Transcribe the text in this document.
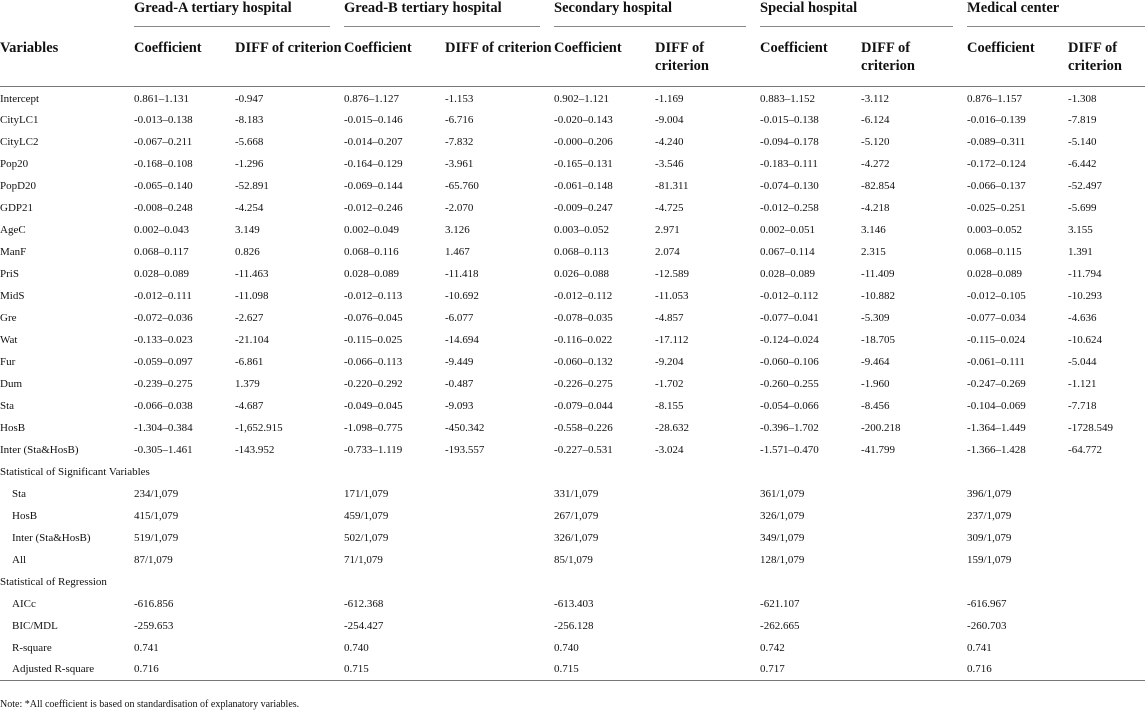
	Gread-A tertiary hospital		Gread-B tertiary hospital		Secondary hospital		Special hospital		Medical center	

Variables	Coefficient	DIFF of criterion	Coefficient	DIFF of criterion	Coefficient	DIFF of criterion	Coefficient	DIFF of criterion	Coefficient	DIFF of criterion
Intercept	0.861–1.131	-0.947	0.876–1.127	-1.153	0.902–1.121	-1.169	0.883–1.152	-3.112	0.876–1.157	-1.308
CityLC1	-0.013–0.138	-8.183	-0.015–0.146	-6.716	-0.020–0.143	-9.004	-0.015–0.138	-6.124	-0.016–0.139	-7.819
CityLC2	-0.067–0.211	-5.668	-0.014–0.207	-7.832	-0.000–0.206	-4.240	-0.094–0.178	-5.120	-0.089–0.311	-5.140
Pop20	-0.168–0.108	-1.296	-0.164–0.129	-3.961	-0.165–0.131	-3.546	-0.183–0.111	-4.272	-0.172–0.124	-6.442
PopD20	-0.065–0.140	-52.891	-0.069–0.144	-65.760	-0.061–0.148	-81.311	-0.074–0.130	-82.854	-0.066–0.137	-52.497
GDP21	-0.008–0.248	-4.254	-0.012–0.246	-2.070	-0.009–0.247	-4.725	-0.012–0.258	-4.218	-0.025–0.251	-5.699
AgeC	0.002–0.043	3.149	0.002–0.049	3.126	0.003–0.052	2.971	0.002–0.051	3.146	0.003–0.052	3.155
ManF	0.068–0.117	0.826	0.068–0.116	1.467	0.068–0.113	2.074	0.067–0.114	2.315	0.068–0.115	1.391
PriS	0.028–0.089	-11.463	0.028–0.089	-11.418	0.026–0.088	-12.589	0.028–0.089	-11.409	0.028–0.089	-11.794
MidS	-0.012–0.111	-11.098	-0.012–0.113	-10.692	-0.012–0.112	-11.053	-0.012–0.112	-10.882	-0.012–0.105	-10.293
Gre	-0.072–0.036	-2.627	-0.076–0.045	-6.077	-0.078–0.035	-4.857	-0.077–0.041	-5.309	-0.077–0.034	-4.636
Wat	-0.133–0.023	-21.104	-0.115–0.025	-14.694	-0.116–0.022	-17.112	-0.124–0.024	-18.705	-0.115–0.024	-10.624
Fur	-0.059–0.097	-6.861	-0.066–0.113	-9.449	-0.060–0.132	-9.204	-0.060–0.106	-9.464	-0.061–0.111	-5.044
Dum	-0.239–0.275	1.379	-0.220–0.292	-0.487	-0.226–0.275	-1.702	-0.260–0.255	-1.960	-0.247–0.269	-1.121
Sta	-0.066–0.038	-4.687	-0.049–0.045	-9.093	-0.079–0.044	-8.155	-0.054–0.066	-8.456	-0.104–0.069	-7.718
HosB	-1.304–0.384	-1,652.915	-1.098–0.775	-450.342	-0.558–0.226	-28.632	-0.396–1.702	-200.218	-1.364–1.449	-1728.549
Inter (Sta&HosB)	-0.305–1.461	-143.952	-0.733–1.119	-193.557	-0.227–0.531	-3.024	-1.571–0.470	-41.799	-1.366–1.428	-64.772
Statistical of Significant Variables										
Sta	234/1,079		171/1,079		331/1,079		361/1,079		396/1,079	
HosB	415/1,079		459/1,079		267/1,079		326/1,079		237/1,079	
Inter (Sta&HosB)	519/1,079		502/1,079		326/1,079		349/1,079		309/1,079	
All	87/1,079		71/1,079		85/1,079		128/1,079		159/1,079	
Statistical of Regression										
AICc	-616.856		-612.368		-613.403		-621.107		-616.967	
BIC/MDL	-259.653		-254.427		-256.128		-262.665		-260.703	
R-square	0.741		0.740		0.740		0.742		0.741	
Adjusted R-square	0.716		0.715		0.715		0.717		0.716	
Note: *All coefficient is based on standardisation of explanatory variables.
